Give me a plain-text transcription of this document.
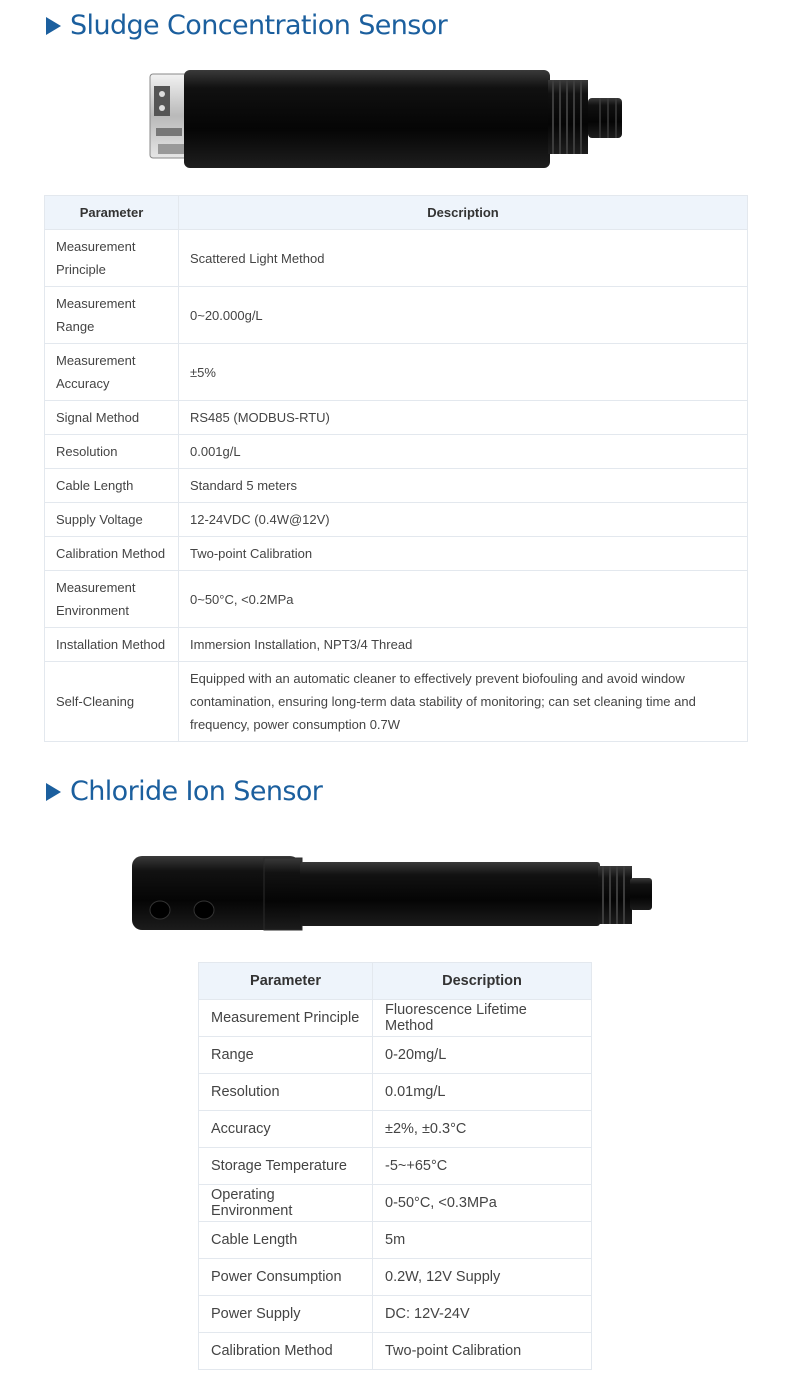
Sludge Concentration Sensor
Parameter	Description
Measurement Principle	Scattered Light Method
Measurement Range	0~20.000g/L
Measurement Accuracy	±5%
Signal Method	RS485 (MODBUS-RTU)
Resolution	0.001g/L
Cable Length	Standard 5 meters
Supply Voltage	12-24VDC (0.4W@12V)
Calibration Method	Two-point Calibration
Measurement Environment	0~50°C, <0.2MPa
Installation Method	Immersion Installation, NPT3/4 Thread
Self-Cleaning	Equipped with an automatic cleaner to effectively prevent biofouling and avoid window contamination, ensuring long-term data stability of monitoring; can set cleaning time and frequency, power consumption 0.7W
Chloride Ion Sensor
Parameter	Description
Measurement Principle	Fluorescence Lifetime Method
Range	0-20mg/L
Resolution	0.01mg/L
Accuracy	±2%, ±0.3°C
Storage Temperature	-5~+65°C
Operating Environment	0-50°C, <0.3MPa
Cable Length	5m
Power Consumption	0.2W, 12V Supply
Power Supply	DC: 12V-24V
Calibration Method	Two-point Calibration
